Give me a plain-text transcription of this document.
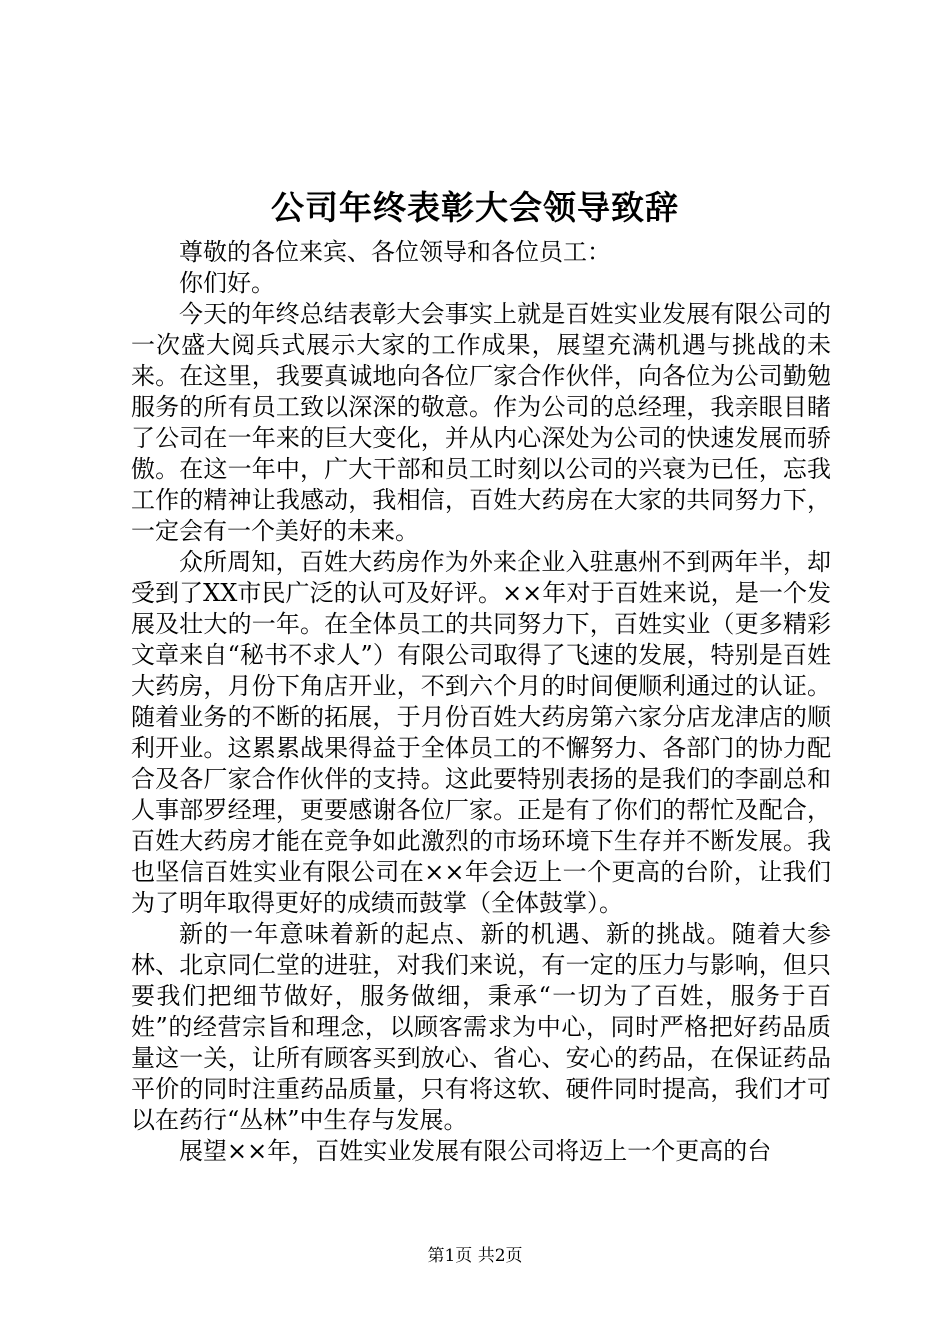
公司年终表彰大会领导致辞

尊敬的各位来宾、各位领导和各位员工：

你们好。

今天的年终总结表彰大会事实上就是百姓实业发展有限公司的一次盛大阅兵式展示大家的工作成果，展望充满机遇与挑战的未来。在这里，我要真诚地向各位厂家合作伙伴，向各位为公司勤勉服务的所有员工致以深深的敬意。作为公司的总经理，我亲眼目睹了公司在一年来的巨大变化，并从内心深处为公司的快速发展而骄傲。在这一年中，广大干部和员工时刻以公司的兴衰为已任，忘我工作的精神让我感动，我相信，百姓大药房在大家的共同努力下，一定会有一个美好的未来。

众所周知，百姓大药房作为外来企业入驻惠州不到两年半，却受到了XX市民广泛的认可及好评。××年对于百姓来说，是一个发展及壮大的一年。在全体员工的共同努力下，百姓实业（更多精彩文章来自“秘书不求人”）有限公司取得了飞速的发展，特别是百姓大药房，月份下角店开业，不到六个月的时间便顺利通过的认证。随着业务的不断的拓展，于月份百姓大药房第六家分店龙津店的顺利开业。这累累战果得益于全体员工的不懈努力、各部门的协力配合及各厂家合作伙伴的支持。这此要特别表扬的是我们的李副总和人事部罗经理，更要感谢各位厂家。正是有了你们的帮忙及配合，百姓大药房才能在竞争如此激烈的市场环境下生存并不断发展。我也坚信百姓实业有限公司在××年会迈上一个更高的台阶，让我们为了明年取得更好的成绩而鼓掌（全体鼓掌）。

新的一年意味着新的起点、新的机遇、新的挑战。随着大参林、北京同仁堂的进驻，对我们来说，有一定的压力与影响，但只要我们把细节做好，服务做细，秉承“一切为了百姓，服务于百姓”的经营宗旨和理念，以顾客需求为中心，同时严格把好药品质量这一关，让所有顾客买到放心、省心、安心的药品，在保证药品平价的同时注重药品质量，只有将这软、硬件同时提高，我们才可以在药行“丛林”中生存与发展。

展望××年，百姓实业发展有限公司将迈上一个更高的台

第1页 共2页
